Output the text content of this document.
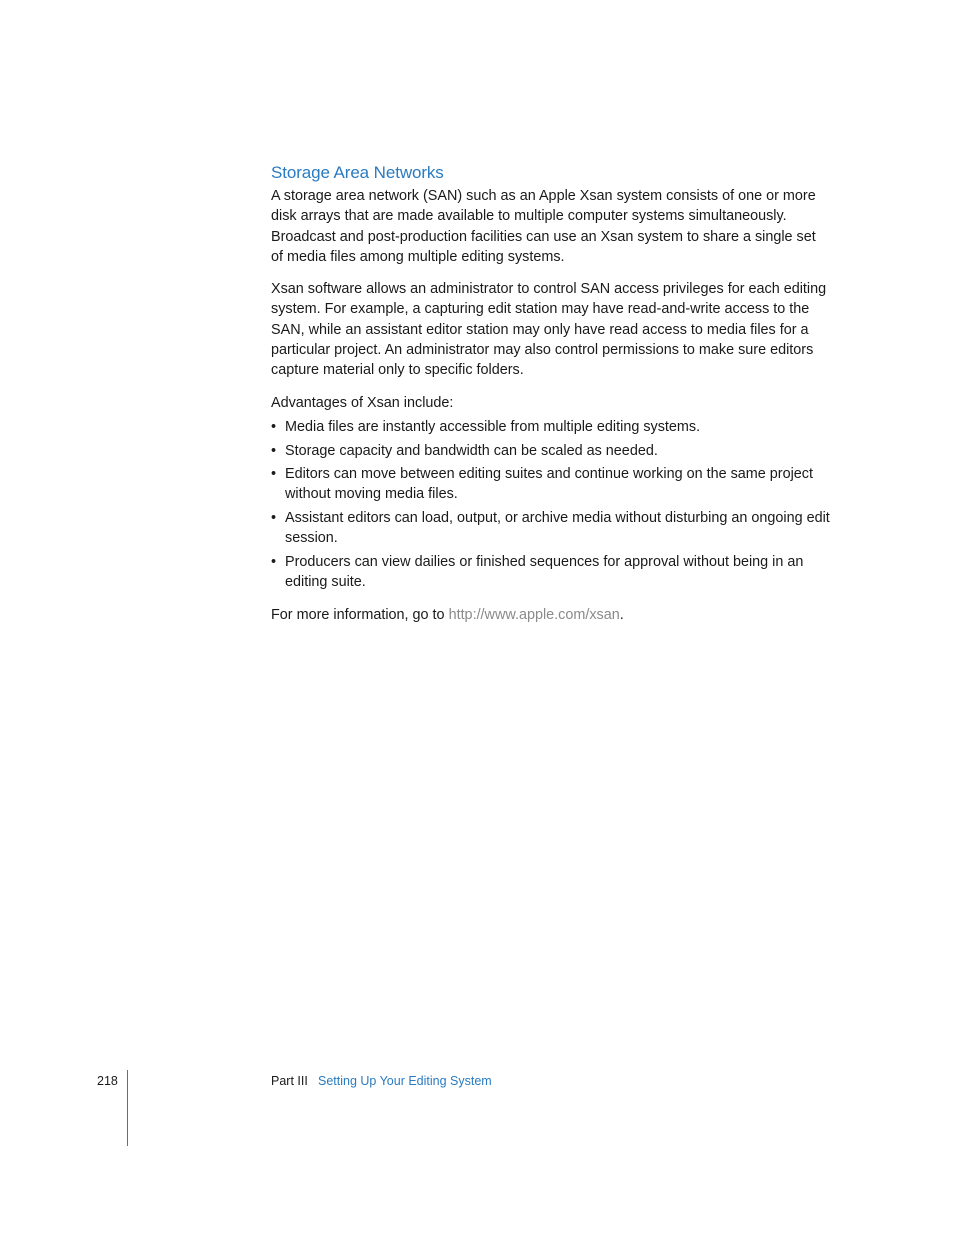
Storage Area Networks

A storage area network (SAN) such as an Apple Xsan system consists of one or more disk arrays that are made available to multiple computer systems simultaneously. Broadcast and post-production facilities can use an Xsan system to share a single set of media files among multiple editing systems.

Xsan software allows an administrator to control SAN access privileges for each editing system. For example, a capturing edit station may have read-and-write access to the SAN, while an assistant editor station may only have read access to media files for a particular project. An administrator may also control permissions to make sure editors capture material only to specific folders.

Advantages of Xsan include:

• Media files are instantly accessible from multiple editing systems.
• Storage capacity and bandwidth can be scaled as needed.
• Editors can move between editing suites and continue working on the same project without moving media files.
• Assistant editors can load, output, or archive media without disturbing an ongoing edit session.
• Producers can view dailies or finished sequences for approval without being in an editing suite.

For more information, go to http://www.apple.com/xsan.

218	Part III Setting Up Your Editing System
